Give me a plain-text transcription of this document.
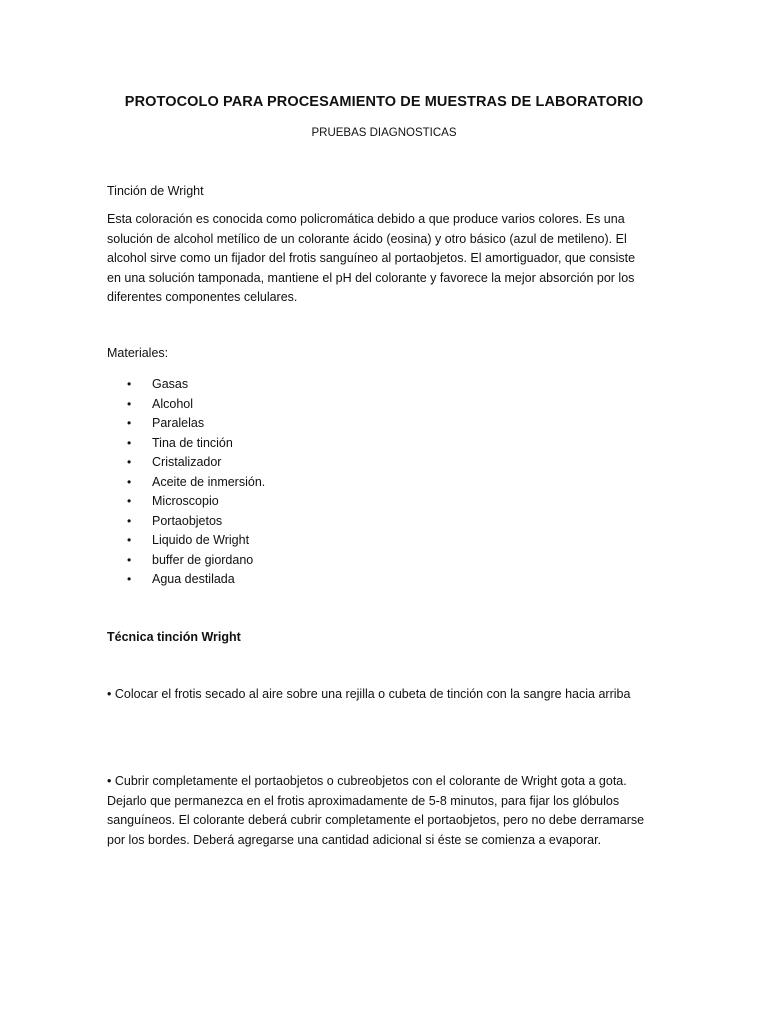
PROTOCOLO PARA PROCESAMIENTO DE MUESTRAS DE LABORATORIO
PRUEBAS DIAGNOSTICAS
Tinción de Wright
Esta coloración es conocida como policromática debido a que produce varios colores. Es una
solución de alcohol metílico de un colorante ácido (eosina) y otro básico (azul de metileno). El
alcohol sirve como un fijador del frotis sanguíneo al portaobjetos. El amortiguador, que consiste
en una solución tamponada, mantiene el pH del colorante y favorece la mejor absorción por los
diferentes componentes celulares.
Materiales:
• Gasas
• Alcohol
• Paralelas
• Tina de tinción
• Cristalizador
• Aceite de inmersión.
• Microscopio
• Portaobjetos
• Liquido de Wright
• buffer de giordano
• Agua destilada
Técnica tinción Wright
• Colocar el frotis secado al aire sobre una rejilla o cubeta de tinción con la sangre hacia arriba
• Cubrir completamente el portaobjetos o cubreobjetos con el colorante de Wright gota a gota.
Dejarlo que permanezca en el frotis aproximadamente de 5-8 minutos, para fijar los glóbulos
sanguíneos. El colorante deberá cubrir completamente el portaobjetos, pero no debe derramarse
por los bordes. Deberá agregarse una cantidad adicional si éste se comienza a evaporar.
